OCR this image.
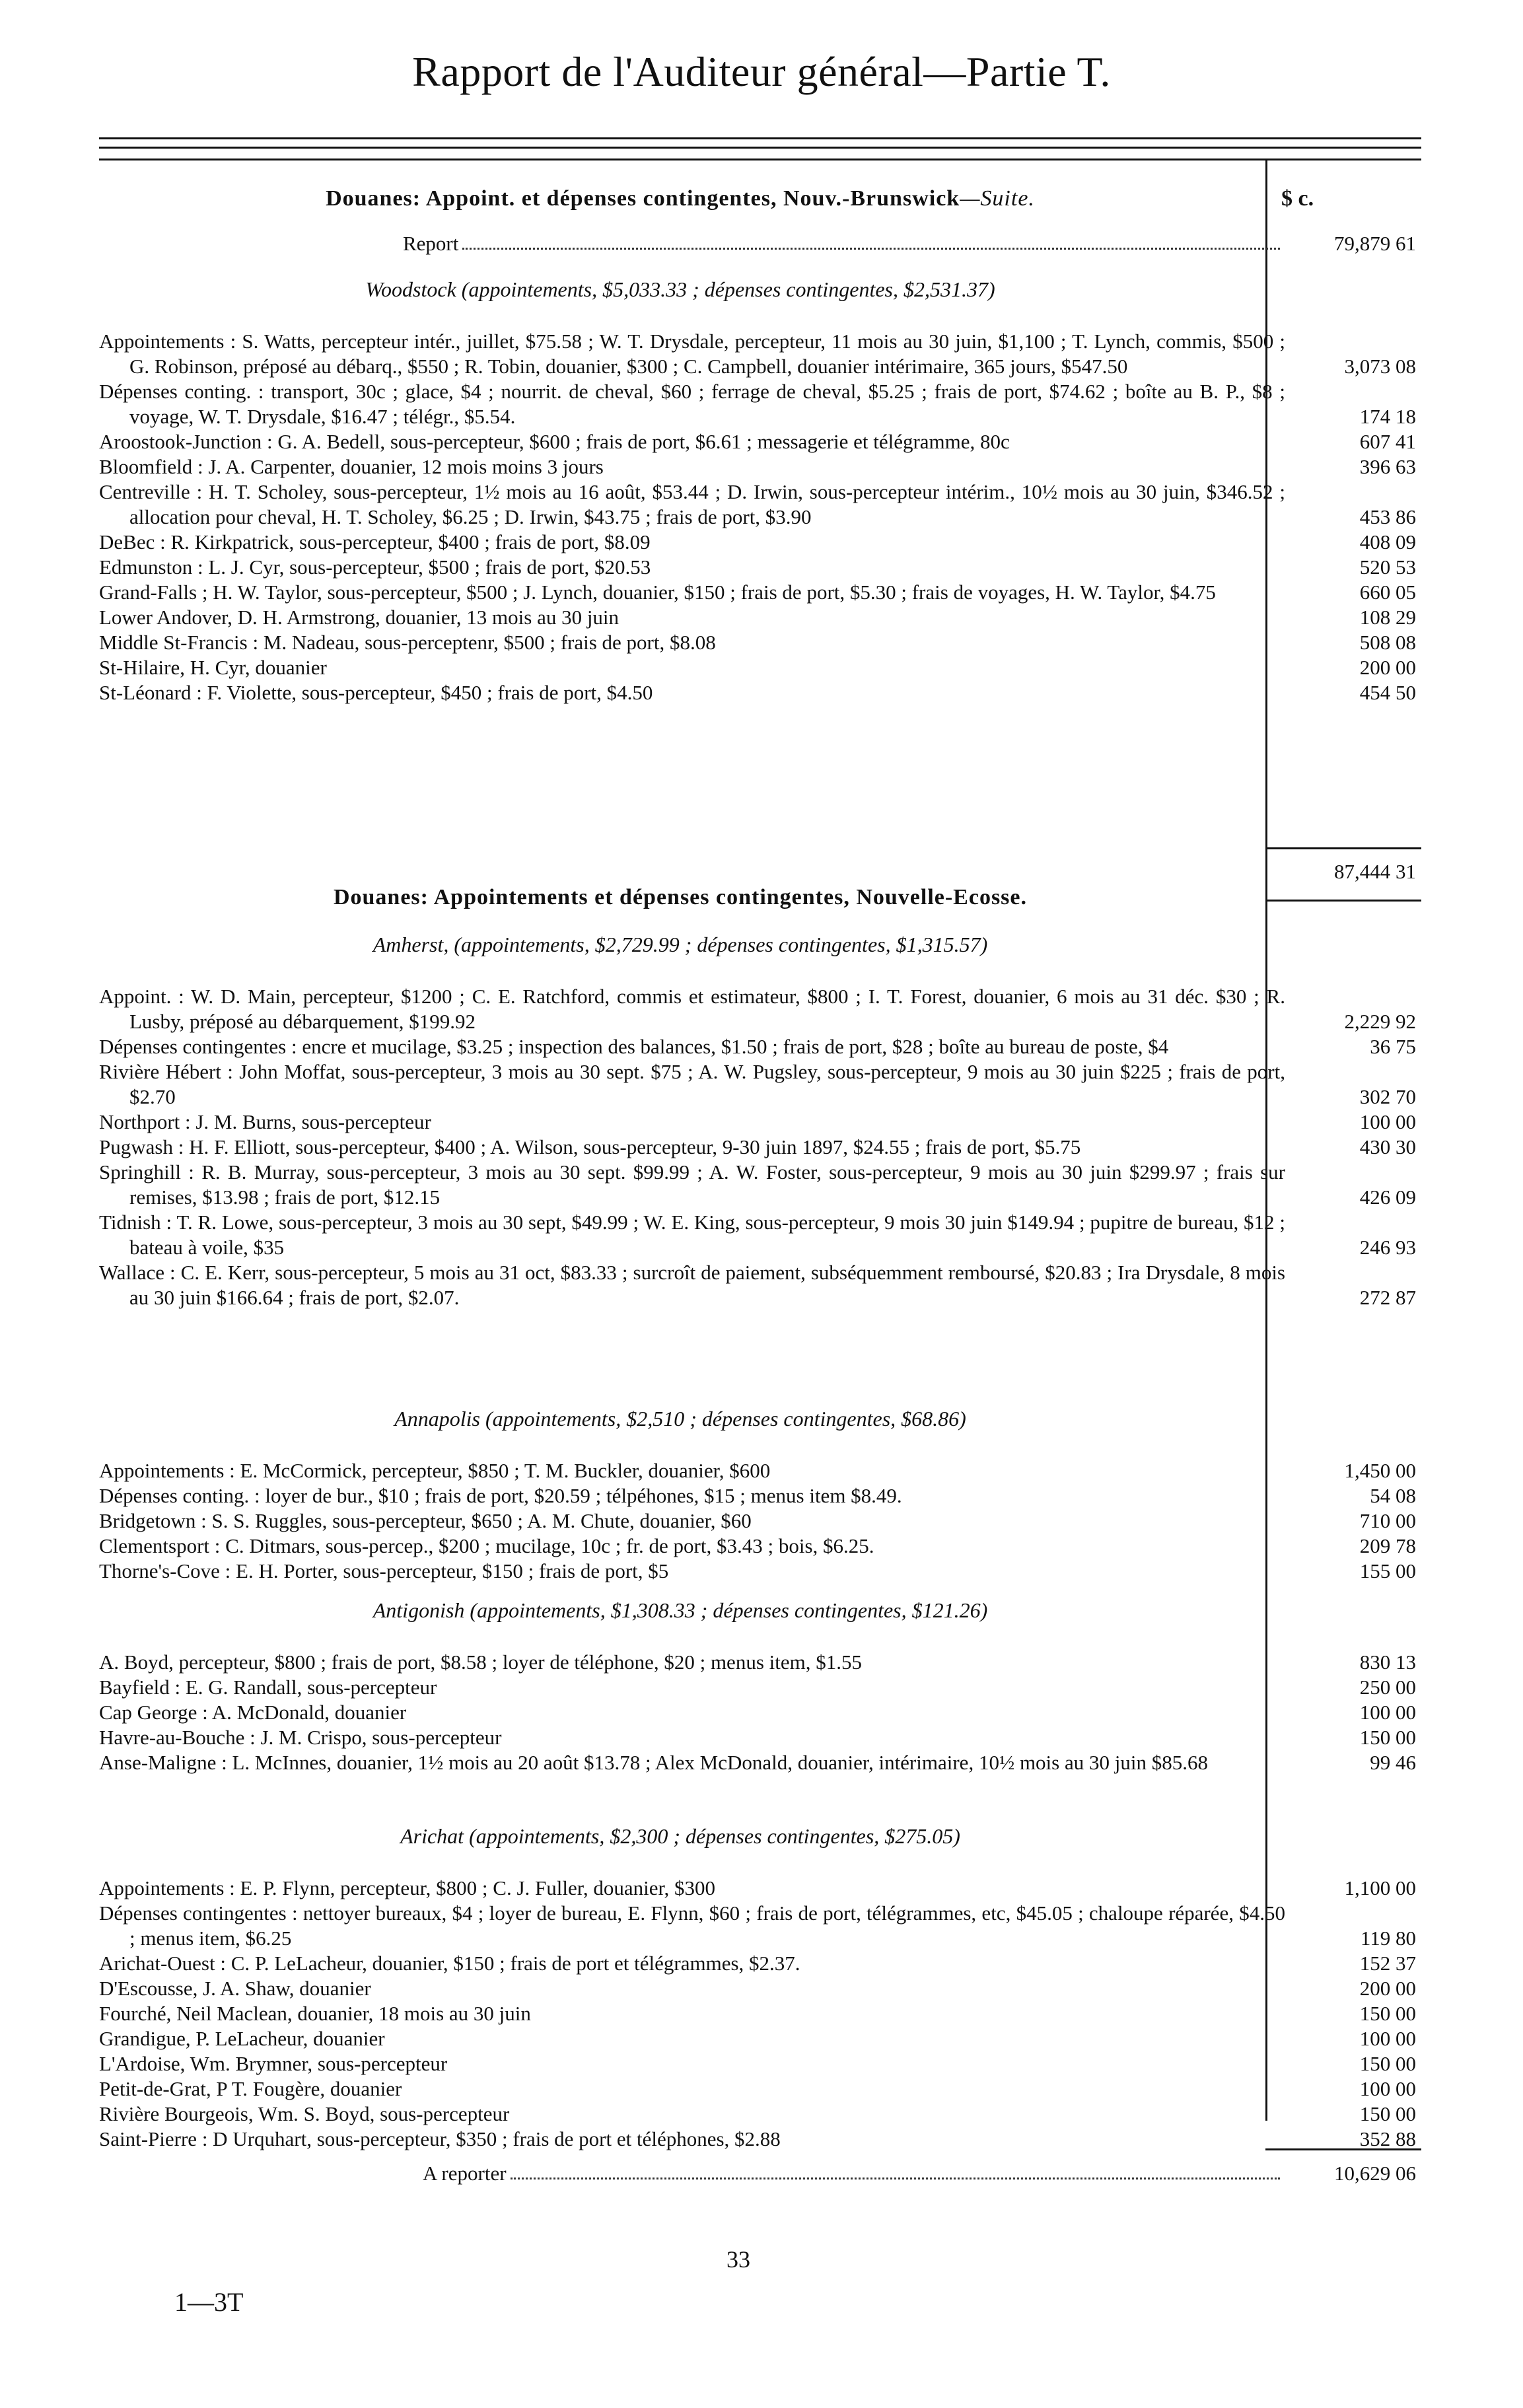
Rapport de l'Auditeur général—Partie T.
$ c.
Douanes: Appoint. et dépenses contingentes, Nouv.-Brunswick—Suite.
Report	79,879 61

Woodstock (appointements, $5,033.33 ; dépenses contingentes, $2,531.37)

Appointements : S. Watts, percepteur intér., juillet, $75.58 ; W. T. Drysdale, percepteur, 11 mois au 30 juin, $1,100 ; T. Lynch, commis, $500 ; G. Robinson, préposé au débarq., $550 ; R. Tobin, douanier, $300 ; C. Campbell, douanier intérimaire, 365 jours, $547.50	3,073 08
Dépenses conting. : transport, 30c ; glace, $4 ; nourrit. de cheval, $60 ; ferrage de cheval, $5.25 ; frais de port, $74.62 ; boîte au B. P., $8 ; voyage, W. T. Drysdale, $16.47 ; télégr., $5.54.	174 18
Aroostook-Junction : G. A. Bedell, sous-percepteur, $600 ; frais de port, $6.61 ; messagerie et télégramme, 80c	607 41
Bloomfield : J. A. Carpenter, douanier, 12 mois moins 3 jours	396 63
Centreville : H. T. Scholey, sous-percepteur, 1½ mois au 16 août, $53.44 ; D. Irwin, sous-percepteur intérim., 10½ mois au 30 juin, $346.52 ; allocation pour cheval, H. T. Scholey, $6.25 ; D. Irwin, $43.75 ; frais de port, $3.90	453 86
DeBec : R. Kirkpatrick, sous-percepteur, $400 ; frais de port, $8.09	408 09
Edmunston : L. J. Cyr, sous-percepteur, $500 ; frais de port, $20.53	520 53
Grand-Falls ; H. W. Taylor, sous-percepteur, $500 ; J. Lynch, douanier, $150 ; frais de port, $5.30 ; frais de voyages, H. W. Taylor, $4.75	660 05
Lower Andover, D. H. Armstrong, douanier, 13 mois au 30 juin	108 29
Middle St-Francis : M. Nadeau, sous-perceptenr, $500 ; frais de port, $8.08	508 08
St-Hilaire, H. Cyr, douanier	200 00
St-Léonard : F. Violette, sous-percepteur, $450 ; frais de port, $4.50	454 50
87,444 31
Douanes: Appointements et dépenses contingentes, Nouvelle-Ecosse.

Amherst, (appointements, $2,729.99 ; dépenses contingentes, $1,315.57)

Appoint. : W. D. Main, percepteur, $1200 ; C. E. Ratchford, commis et estimateur, $800 ; I. T. Forest, douanier, 6 mois au 31 déc. $30 ; R. Lusby, préposé au débarquement, $199.92	2,229 92
Dépenses contingentes : encre et mucilage, $3.25 ; inspection des balances, $1.50 ; frais de port, $28 ; boîte au bureau de poste, $4	36 75
Rivière Hébert : John Moffat, sous-percepteur, 3 mois au 30 sept. $75 ; A. W. Pugsley, sous-percepteur, 9 mois au 30 juin $225 ; frais de port, $2.70	302 70
Northport : J. M. Burns, sous-percepteur	100 00
Pugwash : H. F. Elliott, sous-percepteur, $400 ; A. Wilson, sous-percepteur, 9-30 juin 1897, $24.55 ; frais de port, $5.75	430 30
Springhill : R. B. Murray, sous-percepteur, 3 mois au 30 sept. $99.99 ; A. W. Foster, sous-percepteur, 9 mois au 30 juin $299.97 ; frais sur remises, $13.98 ; frais de port, $12.15	426 09
Tidnish : T. R. Lowe, sous-percepteur, 3 mois au 30 sept, $49.99 ; W. E. King, sous-percepteur, 9 mois 30 juin $149.94 ; pupitre de bureau, $12 ; bateau à voile, $35	246 93
Wallace : C. E. Kerr, sous-percepteur, 5 mois au 31 oct, $83.33 ; surcroît de paiement, subséquemment remboursé, $20.83 ; Ira Drysdale, 8 mois au 30 juin $166.64 ; frais de port, $2.07.	272 87

Annapolis (appointements, $2,510 ; dépenses contingentes, $68.86)

Appointements : E. McCormick, percepteur, $850 ; T. M. Buckler, douanier, $600	1,450 00
Dépenses conting. : loyer de bur., $10 ; frais de port, $20.59 ; télpéhones, $15 ; menus item $8.49.	54 08
Bridgetown : S. S. Ruggles, sous-percepteur, $650 ; A. M. Chute, douanier, $60	710 00
Clementsport : C. Ditmars, sous-percep., $200 ; mucilage, 10c ; fr. de port, $3.43 ; bois, $6.25.	209 78
Thorne's-Cove : E. H. Porter, sous-percepteur, $150 ; frais de port, $5	155 00

Antigonish (appointements, $1,308.33 ; dépenses contingentes, $121.26)

A. Boyd, percepteur, $800 ; frais de port, $8.58 ; loyer de téléphone, $20 ; menus item, $1.55	830 13
Bayfield : E. G. Randall, sous-percepteur	250 00
Cap George : A. McDonald, douanier	100 00
Havre-au-Bouche : J. M. Crispo, sous-percepteur	150 00
Anse-Maligne : L. McInnes, douanier, 1½ mois au 20 août $13.78 ; Alex McDonald, douanier, intérimaire, 10½ mois au 30 juin $85.68	99 46

Arichat (appointements, $2,300 ; dépenses contingentes, $275.05)

Appointements : E. P. Flynn, percepteur, $800 ; C. J. Fuller, douanier, $300	1,100 00
Dépenses contingentes : nettoyer bureaux, $4 ; loyer de bureau, E. Flynn, $60 ; frais de port, télégrammes, etc, $45.05 ; chaloupe réparée, $4.50 ; menus item, $6.25	119 80
Arichat-Ouest : C. P. LeLacheur, douanier, $150 ; frais de port et télégrammes, $2.37.	152 37
D'Escousse, J. A. Shaw, douanier	200 00
Fourché, Neil Maclean, douanier, 18 mois au 30 juin	150 00
Grandigue, P. LeLacheur, douanier	100 00
L'Ardoise, Wm. Brymner, sous-percepteur	150 00
Petit-de-Grat, P T. Fougère, douanier	100 00
Rivière Bourgeois, Wm. S. Boyd, sous-percepteur	150 00
Saint-Pierre : D Urquhart, sous-percepteur, $350 ; frais de port et téléphones, $2.88	352 88
A reporter	10,629 06
33
1—3T
